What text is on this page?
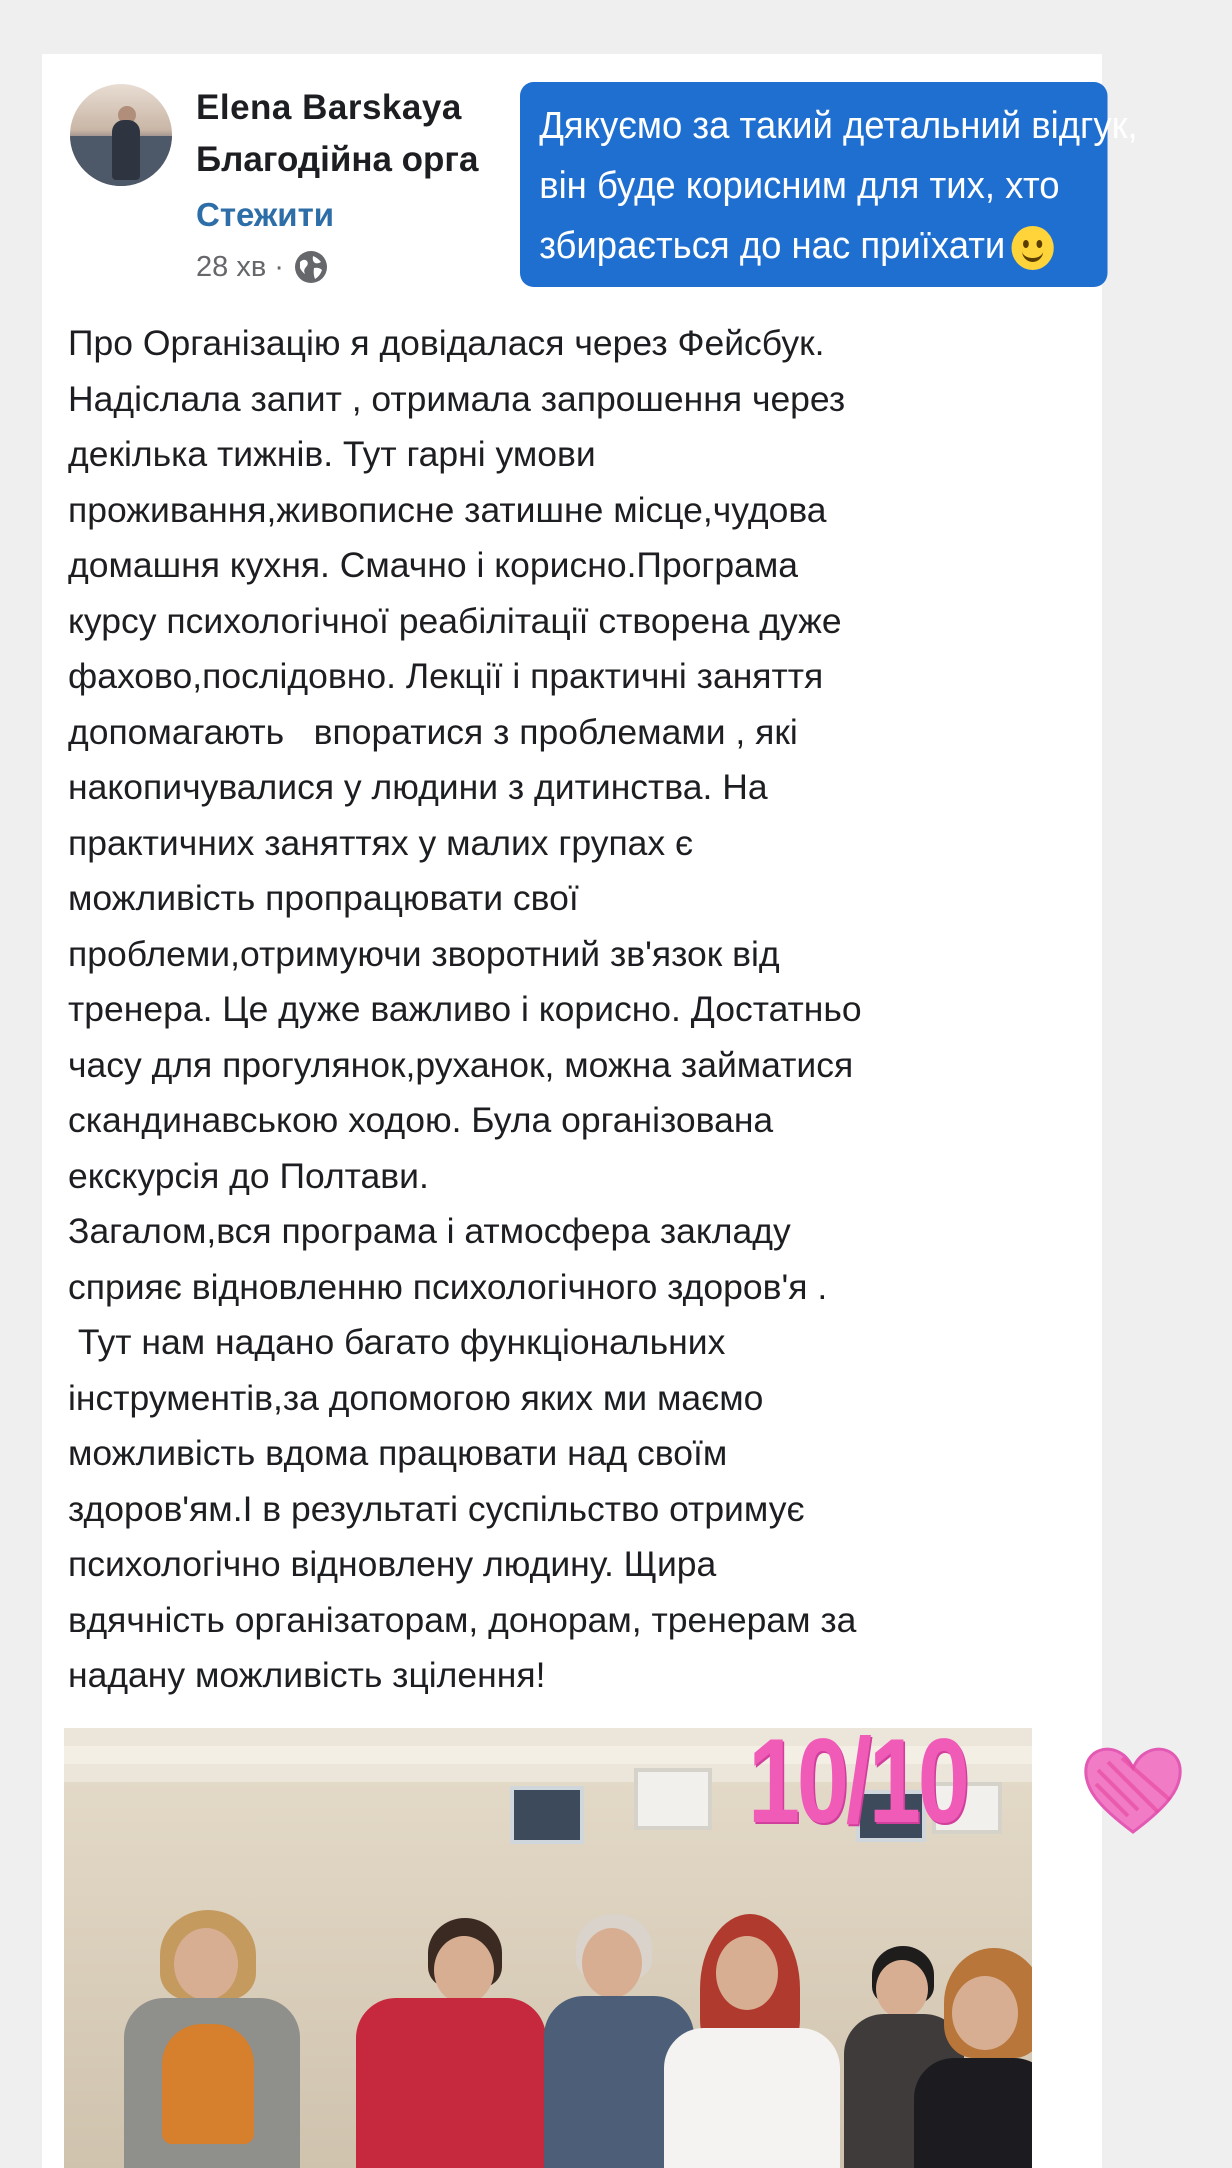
Elena Barskaya
Благодійна орга
Стежити
28 хв ·
Дякуємо за такий детальний відгук,
він буде корисним для тих, хто
збирається до нас приїхати
Про Організацію я довідалася через Фейсбук.
Надіслала запит , отримала запрошення через
декілька тижнів. Тут гарні умови
проживання,живописне затишне місце,чудова
домашня кухня. Смачно і корисно.Програма
курсу психологічної реабілітації створена дуже
фахово,послідовно. Лекції і практичні заняття
допомагають   впоратися з проблемами , які
накопичувалися у людини з дитинства. На
практичних заняттях у малих групах є
можливість пропрацювати свої
проблеми,отримуючи зворотний зв'язок від
тренера. Це дуже важливо і корисно. Достатньо
часу для прогулянок,руханок, можна займатися
скандинавською ходою. Була організована
екскурсія до Полтави.
Загалом,вся програма і атмосфера закладу
сприяє відновленню психологічного здоров'я .
Тут нам надано багато функціональних
інструментів,за допомогою яких ми маємо
можливість вдома працювати над своїм
здоров'ям.І в результаті суспільство отримує
психологічно відновлену людину. Щира
вдячність організаторам, донорам, тренерам за
надану можливість зцілення!
10/10
